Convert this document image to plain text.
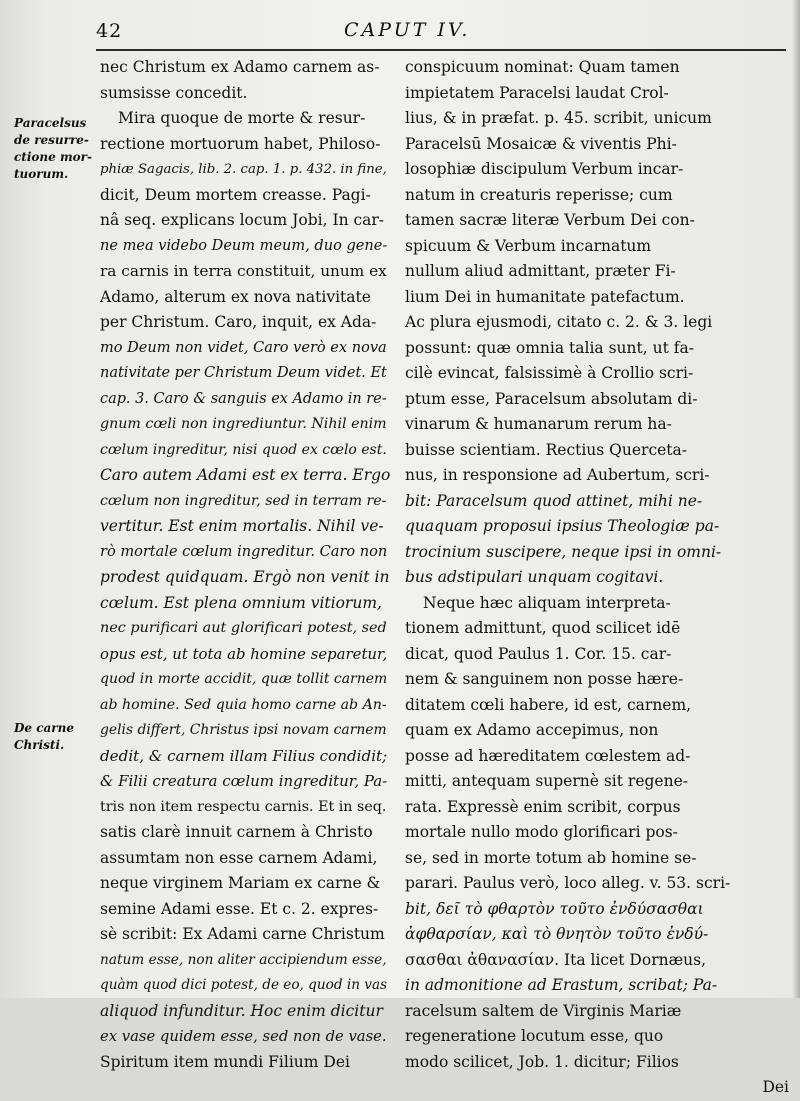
42	CAPUT IV.
Paracelsus
de resurre-
ctione mor-
tuorum.
De carne
Christi.
nec Christum ex Adamo carnem as-
sumsisse concedit.
Mira quoque de morte & resur-
rectione mortuorum habet, Philoso-
phiæ Sagacis, lib. 2. cap. 1. p. 432. in fine,
dicit, Deum mortem creasse. Pagi-
nâ seq. explicans locum Jobi, In car-
ne mea videbo Deum meum, duo gene-
ra carnis in terra constituit, unum ex
Adamo, alterum ex nova nativitate
per Christum. Caro, inquit, ex Ada-
mo Deum non videt, Caro verò ex nova
nativitate per Christum Deum videt. Et
cap. 3. Caro & sanguis ex Adamo in re-
gnum cœli non ingrediuntur. Nihil enim
cœlum ingreditur, nisi quod ex cœlo est.
Caro autem Adami est ex terra. Ergo
cœlum non ingreditur, sed in terram re-
vertitur. Est enim mortalis. Nihil ve-
rò mortale cœlum ingreditur. Caro non
prodest quidquam. Ergò non venit in
cœlum. Est plena omnium vitiorum,
nec purificari aut glorificari potest, sed
opus est, ut tota ab homine separetur,
quod in morte accidit, quæ tollit carnem
ab homine. Sed quia homo carne ab An-
gelis differt, Christus ipsi novam carnem
dedit, & carnem illam Filius condidit;
& Filii creatura cœlum ingreditur, Pa-
tris non item respectu carnis. Et in seq.
satis clarè innuit carnem à Christo
assumtam non esse carnem Adami,
neque virginem Mariam ex carne &
semine Adami esse. Et c. 2. expres-
sè scribit: Ex Adami carne Christum
natum esse, non aliter accipiendum esse,
quàm quod dici potest, de eo, quod in vas
aliquod infunditur. Hoc enim dicitur
ex vase quidem esse, sed non de vase.
Spiritum item mundi Filium Dei
conspicuum nominat: Quam tamen
impietatem Paracelsi laudat Crol-
lius, & in præfat. p. 45. scribit, unicum
Paracelsū Mosaicæ & viventis Phi-
losophiæ discipulum Verbum incar-
natum in creaturis reperisse; cum
tamen sacræ literæ Verbum Dei con-
spicuum & Verbum incarnatum
nullum aliud admittant, præter Fi-
lium Dei in humanitate patefactum.
Ac plura ejusmodi, citato c. 2. & 3. legi
possunt: quæ omnia talia sunt, ut fa-
cilè evincat, falsissimè à Crollio scri-
ptum esse, Paracelsum absolutam di-
vinarum & humanarum rerum ha-
buisse scientiam. Rectius Querceta-
nus, in responsione ad Aubertum, scri-
bit: Paracelsum quod attinet, mihi ne-
quaquam proposui ipsius Theologiæ pa-
trocinium suscipere, neque ipsi in omni-
bus adstipulari unquam cogitavi.
Neque hæc aliquam interpreta-
tionem admittunt, quod scilicet idē
dicat, quod Paulus 1. Cor. 15. car-
nem & sanguinem non posse hære-
ditatem cœli habere, id est, carnem,
quam ex Adamo accepimus, non
posse ad hæreditatem cœlestem ad-
mitti, antequam supernè sit regene-
rata. Expressè enim scribit, corpus
mortale nullo modo glorificari pos-
se, sed in morte totum ab homine se-
parari. Paulus verò, loco alleg. v. 53. scri-
bit, δεῖ τὸ φθαρτὸν τοῦτο ἐνδύσασθαι
ἀφθαρσίαν, καὶ τὸ θνητὸν τοῦτο ἐνδύ-
σασθαι ἀθανασίαν. Ita licet Dornæus,
in admonitione ad Erastum, scribat; Pa-
racelsum saltem de Virginis Mariæ
regeneratione locutum esse, quo
modo scilicet, Job. 1. dicitur; Filios
Dei
